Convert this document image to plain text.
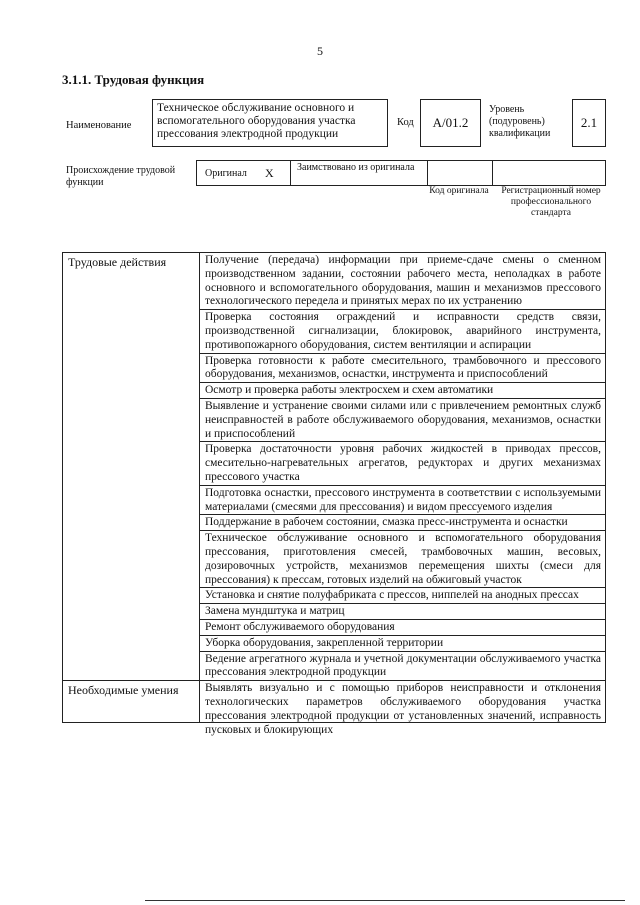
5
3.1.1. Трудовая функция
Наименование
Техническое обслуживание основного и вспомогательного оборудования участка прессования электродной продукции
Код А/01.2
Уровень (подуровень) квалификации
2.1
Происхождение трудовой функции
Оригинал X Заимствовано из оригинала
Код оригинала	Регистрационный номер профессионального стандарта
Трудовые действия	Получение (передача) информации при приеме-сдаче смены о сменном производственном задании, состоянии рабочего места, неполадках в работе основного и вспомогательного оборудования, машин и механизмов прессового технологического передела и принятых мерах по их устранению
	Проверка состояния ограждений и исправности средств связи, производственной сигнализации, блокировок, аварийного инструмента, противопожарного оборудования, систем вентиляции и аспирации
	Проверка готовности к работе смесительного, трамбовочного и прессового оборудования, механизмов, оснастки, инструмента и приспособлений
	Осмотр и проверка работы электросхем и схем автоматики
	Выявление и устранение своими силами или с привлечением ремонтных служб неисправностей в работе обслуживаемого оборудования, механизмов, оснастки и приспособлений
	Проверка достаточности уровня рабочих жидкостей в приводах прессов, смесительно-нагревательных агрегатов, редукторах и других механизмах прессового участка
	Подготовка оснастки, прессового инструмента в соответствии с используемыми материалами (смесями для прессования) и видом прессуемого изделия
	Поддержание в рабочем состоянии, смазка пресс-инструмента и оснастки
	Техническое обслуживание основного и вспомогательного оборудования прессования, приготовления смесей, трамбовочных машин, весовых, дозировочных устройств, механизмов перемещения шихты (смеси для прессования) к прессам, готовых изделий на обжиговый участок
	Установка и снятие полуфабриката с прессов, ниппелей на анодных прессах
	Замена мундштука и матриц
	Ремонт обслуживаемого оборудования
	Уборка оборудования, закрепленной территории
	Ведение агрегатного журнала и учетной документации обслуживаемого участка прессования электродной продукции
Необходимые умения	Выявлять визуально и с помощью приборов неисправности и отклонения технологических параметров обслуживаемого оборудования участка прессования электродной продукции от установленных значений, исправность пусковых и блокирующих
